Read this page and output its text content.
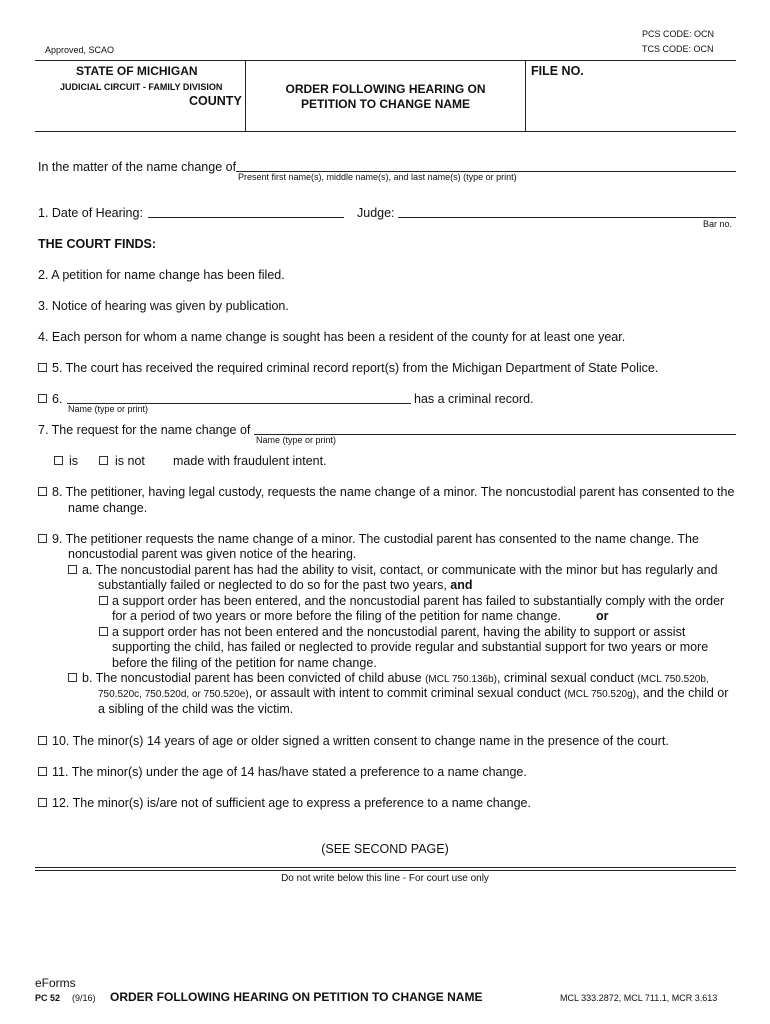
PCS CODE: OCN
TCS CODE: OCN
Approved, SCAO
STATE OF MICHIGAN
JUDICIAL CIRCUIT - FAMILY DIVISION
COUNTY
ORDER FOLLOWING HEARING ON
PETITION TO CHANGE NAME
FILE NO.
In the matter of the name change of
Present first name(s), middle name(s), and last name(s) (type or print)
1. Date of Hearing:	Judge:
Bar no.
THE COURT FINDS:
2. A petition for name change has been filed.
3. Notice of hearing was given by publication.
4. Each person for whom a name change is sought has been a resident of the county for at least one year.
5. The court has received the required criminal record report(s) from the Michigan Department of State Police.
6.
Name (type or print)
has a criminal record.
7. The request for the name change of
Name (type or print)
is	is not made with fraudulent intent.
8. The petitioner, having legal custody, requests the name change of a minor. The noncustodial parent has consented to the
name change.
9. The petitioner requests the name change of a minor. The custodial parent has consented to the name change. The
noncustodial parent was given notice of the hearing.
a. The noncustodial parent has had the ability to visit, contact, or communicate with the minor but has regularly and
substantially failed or neglected to do so for the past two years, and
a support order has been entered, and the noncustodial parent has failed to substantially comply with the order
for a period of two years or more before the filing of the petition for name change.	or
a support order has not been entered and the noncustodial parent, having the ability to support or assist
supporting the child, has failed or neglected to provide regular and substantial support for two years or more
before the filing of the petition for name change.
b. The noncustodial parent has been convicted of child abuse (MCL 750.136b), criminal sexual conduct (MCL 750.520b,
750.520c, 750.520d, or 750.520e), or assault with intent to commit criminal sexual conduct (MCL 750.520g), and the child or
a sibling of the child was the victim.
10. The minor(s) 14 years of age or older signed a written consent to change name in the presence of the court.
11. The minor(s) under the age of 14 has/have stated a preference to a name change.
12. The minor(s) is/are not of sufficient age to express a preference to a name change.
(SEE SECOND PAGE)
Do not write below this line - For court use only
eForms
PC 52 (9/16) ORDER FOLLOWING HEARING ON PETITION TO CHANGE NAME	MCL 333.2872, MCL 711.1, MCR 3.613
